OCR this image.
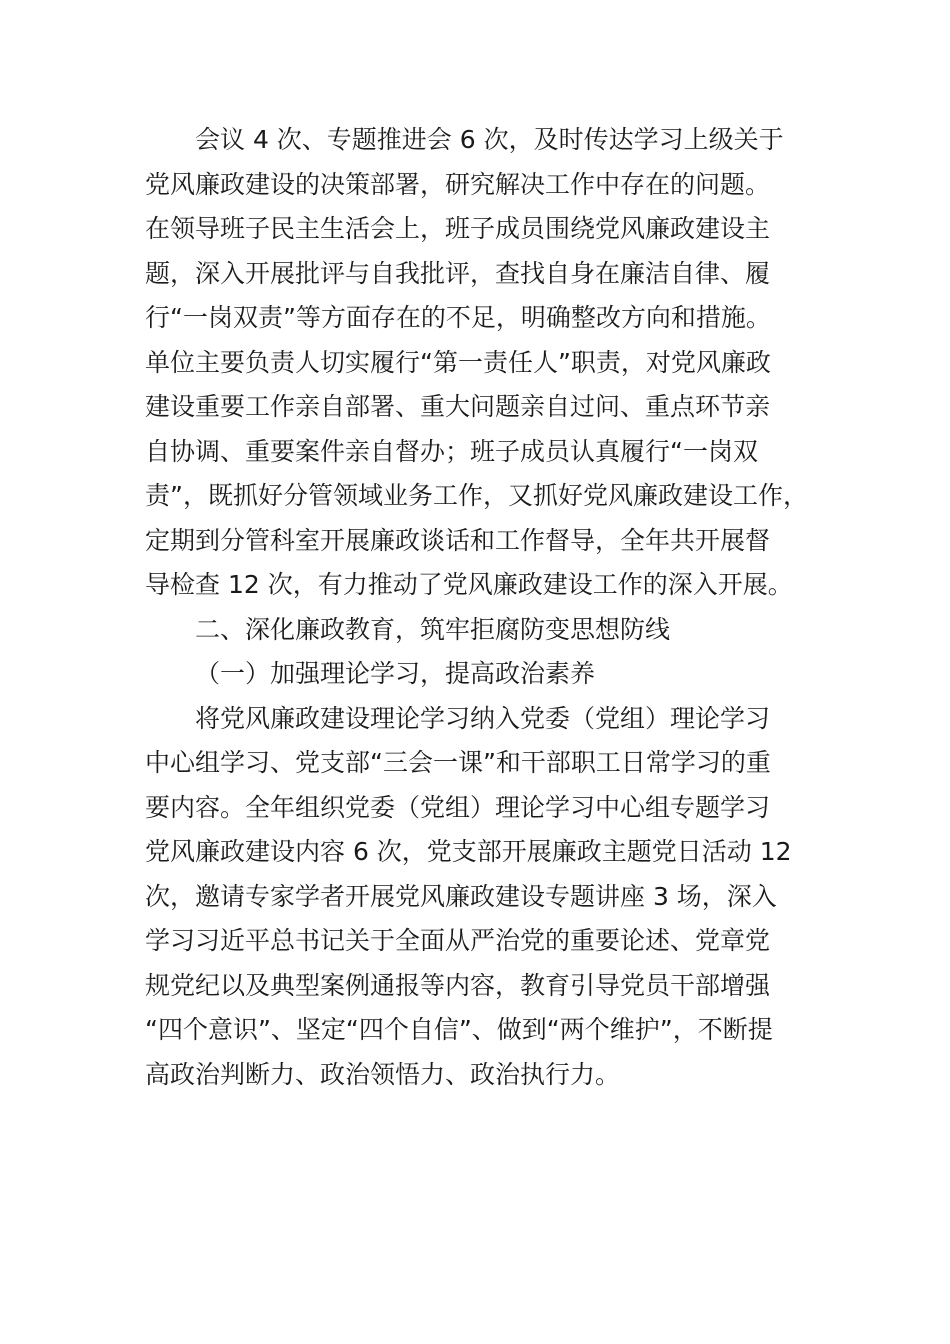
会议 4 次、专题推进会 6 次，及时传达学习上级关于
党风廉政建设的决策部署，研究解决工作中存在的问题。
在领导班子民主生活会上，班子成员围绕党风廉政建设主
题，深入开展批评与自我批评，查找自身在廉洁自律、履
行“一岗双责”等方面存在的不足，明确整改方向和措施。
单位主要负责人切实履行“第一责任人”职责，对党风廉政
建设重要工作亲自部署、重大问题亲自过问、重点环节亲
自协调、重要案件亲自督办；班子成员认真履行“一岗双
责”，既抓好分管领域业务工作，又抓好党风廉政建设工作，
定期到分管科室开展廉政谈话和工作督导，全年共开展督
导检查 12 次，有力推动了党风廉政建设工作的深入开展。
二、深化廉政教育，筑牢拒腐防变思想防线
（一）加强理论学习，提高政治素养
将党风廉政建设理论学习纳入党委（党组）理论学习
中心组学习、党支部“三会一课”和干部职工日常学习的重
要内容。全年组织党委（党组）理论学习中心组专题学习
党风廉政建设内容 6 次，党支部开展廉政主题党日活动 12
次，邀请专家学者开展党风廉政建设专题讲座 3 场，深入
学习习近平总书记关于全面从严治党的重要论述、党章党
规党纪以及典型案例通报等内容，教育引导党员干部增强
“四个意识”、坚定“四个自信”、做到“两个维护”，不断提
高政治判断力、政治领悟力、政治执行力。
